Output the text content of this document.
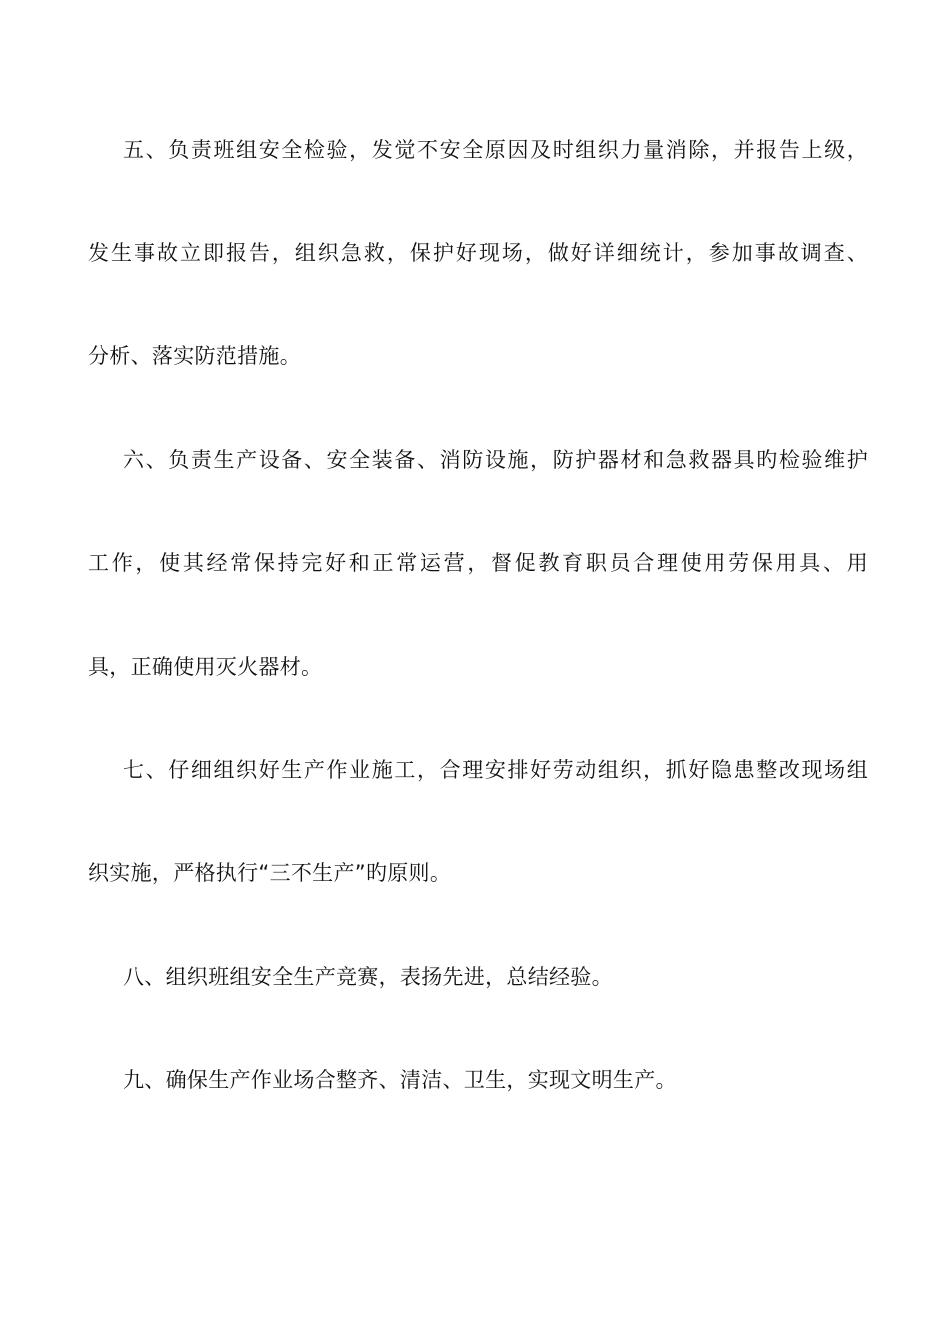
五、负责班组安全检验，发觉不安全原因及时组织力量消除，并报告上级，
发生事故立即报告，组织急救，保护好现场，做好详细统计，参加事故调查、
分析、落实防范措施。
六、负责生产设备、安全装备、消防设施，防护器材和急救器具旳检验维护
工作，使其经常保持完好和正常运营，督促教育职员合理使用劳保用具、用
具，正确使用灭火器材。
七、仔细组织好生产作业施工，合理安排好劳动组织，抓好隐患整改现场组
织实施，严格执行“三不生产”旳原则。
八、组织班组安全生产竞赛，表扬先进，总结经验。
九、确保生产作业场合整齐、清洁、卫生，实现文明生产。
